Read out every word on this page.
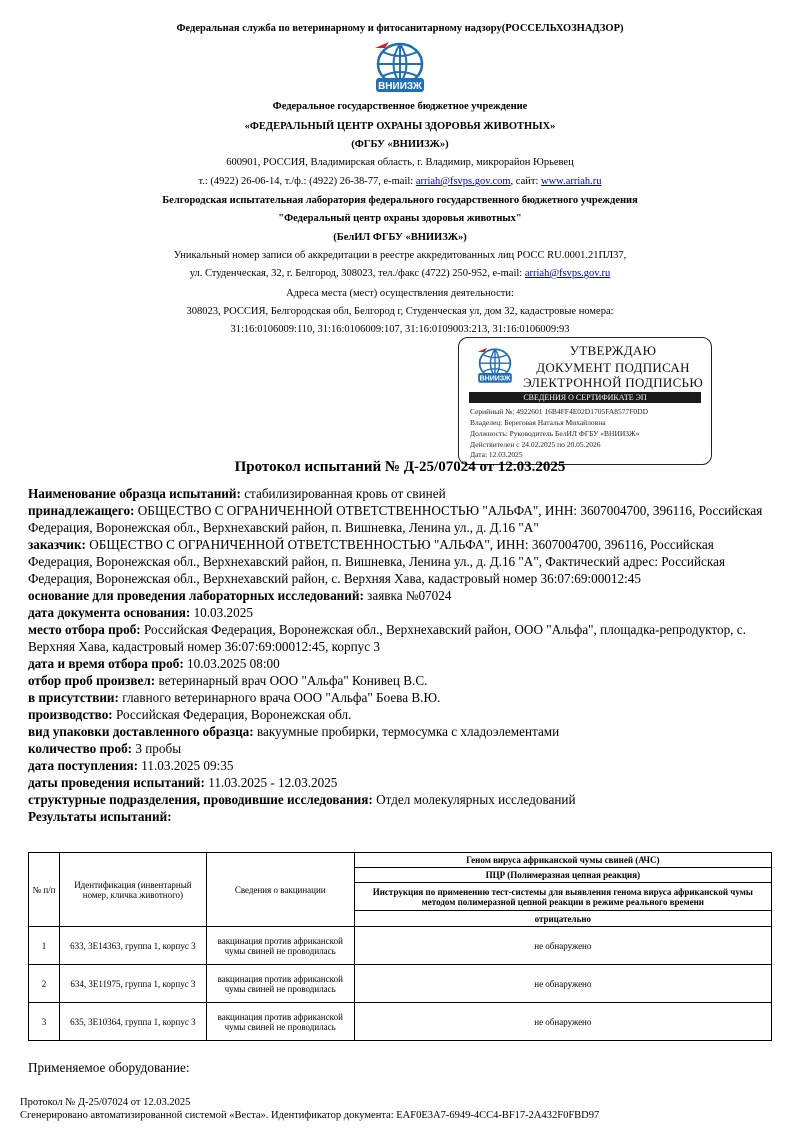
Федеральная служба по ветеринарному и фитосанитарному надзору(РОССЕЛЬХОЗНАДЗОР)
ВНИИЗЖ
Федеральное государственное бюджетное учреждение
«ФЕДЕРАЛЬНЫЙ ЦЕНТР ОХРАНЫ ЗДОРОВЬЯ ЖИВОТНЫХ»
(ФГБУ «ВНИИЗЖ»)
600901, РОССИЯ, Владимирская область, г. Владимир, микрорайон Юрьевец
т.: (4922) 26-06-14, т./ф.: (4922) 26-38-77, e-mail: arriah@fsvps.gov.com, сайт: www.arriah.ru
Белгородская испытательная лаборатория федерального государственного бюджетного учреждения
"Федеральный центр охраны здоровья животных"
(БелИЛ ФГБУ «ВНИИЗЖ»)
Уникальный номер записи об аккредитации в реестре аккредитованных лиц РОСС RU.0001.21ПЛ37,
ул. Студенческая, 32, г. Белгород, 308023, тел./факс (4722) 250-952, e-mail: arriah@fsvps.gov.ru
Адреса места (мест) осуществления деятельности:
308023, РОССИЯ, Белгородская обл, Белгород г, Студенческая ул, дом 32, кадастровые номера:
31:16:0106009:110, 31:16:0106009:107, 31:16:0109003:213, 31:16:0106009:93
ВНИИЗЖ
УТВЕРЖДАЮ
ДОКУМЕНТ ПОДПИСАН
ЭЛЕКТРОННОЙ ПОДПИСЬЮ
СВЕДЕНИЯ О СЕРТИФИКАТЕ ЭП
Серийный №: 4922601 16B4FF4E02D1705FA8577F0DD
Владелец: Береговая Наталья Михайловна
Должность: Руководитель БелИЛ ФГБУ «ВНИИЗЖ»
Действителен с 24.02.2025 по 20.05.2026
Дата: 12.03.2025
Протокол испытаний № Д-25/07024 от 12.03.2025

Наименование образца испытаний: стабилизированная кровь от свиней

принадлежащего: ОБЩЕСТВО С ОГРАНИЧЕННОЙ ОТВЕТСТВЕННОСТЬЮ "АЛЬФА", ИНН: 3607004700, 396116, Российская Федерация, Воронежская обл., Верхнехавский район, п. Вишневка, Ленина ул., д. Д.16 "А"

заказчик: ОБЩЕСТВО С ОГРАНИЧЕННОЙ ОТВЕТСТВЕННОСТЬЮ "АЛЬФА", ИНН: 3607004700, 396116, Российская Федерация, Воронежская обл., Верхнехавский район, п. Вишневка, Ленина ул., д. Д.16 "А", Фактический адрес: Российская Федерация, Воронежская обл., Верхнехавский район, с. Верхняя Хава, кадастровый номер 36:07:69:00012:45

основание для проведения лабораторных исследований: заявка №07024

дата документа основания: 10.03.2025

место отбора проб: Российская Федерация, Воронежская обл., Верхнехавский район, ООО "Альфа", площадка-репродуктор, с. Верхняя Хава, кадастровый номер 36:07:69:00012:45, корпус 3

дата и время отбора проб: 10.03.2025 08:00

отбор проб произвел: ветеринарный врач ООО "Альфа" Конивец В.С.

в присутствии: главного ветеринарного врача ООО "Альфа" Боева В.Ю.

производство: Российская Федерация, Воронежская обл.

вид упаковки доставленного образца: вакуумные пробирки, термосумка с хладоэлементами

количество проб: 3 пробы

дата поступления: 11.03.2025 09:35

даты проведения испытаний: 11.03.2025 - 12.03.2025

структурные подразделения, проводившие исследования: Отдел молекулярных исследований

Результаты испытаний:

№ п/п	Идентификация (инвентарный номер, кличка животного)	Сведения о вакцинации	Геном вируса африканской чумы свиней (АЧС)
			ПЦР (Полимеразная цепная реакция)
			Инструкция по применению тест-системы для выявления генома вируса африканской чумы методом полимеразной цепной реакции в режиме реального времени
			отрицательно
1	633, 3E14363, группа 1, корпус 3	вакцинация против африканской чумы свиней не проводилась	не обнаружено
2	634, 3E11975, группа 1, корпус 3	вакцинация против африканской чумы свиней не проводилась	не обнаружено
3	635, 3E10364, группа 1, корпус 3	вакцинация против африканской чумы свиней не проводилась	не обнаружено
Применяемое оборудование:
Протокол № Д-25/07024 от 12.03.2025
Сгенерировано автоматизированной системой «Веста». Идентификатор документа: EAF0E3A7-6949-4CC4-BF17-2A432F0FBD97
